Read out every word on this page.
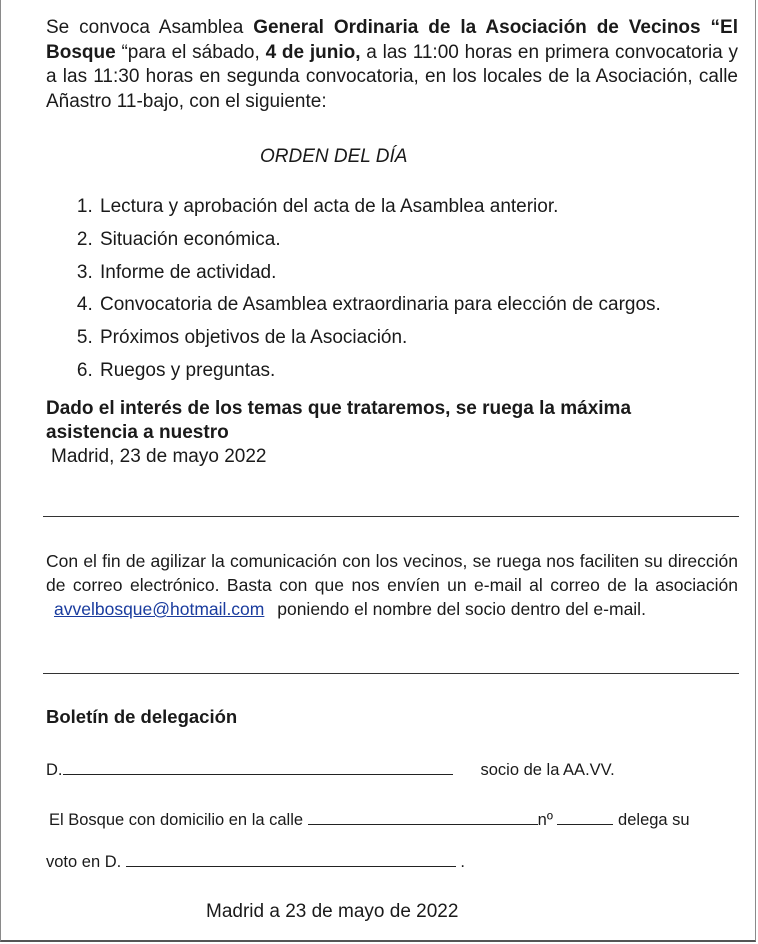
Se convoca Asamblea General Ordinaria de la Asociación de Vecinos “El Bosque “para el sábado, 4 de junio, a las 11:00 horas en primera convocatoria y a las 11:30 horas en segunda convocatoria, en los locales de la Asociación, calle Añastro 11-bajo, con el siguiente:
ORDEN DEL DÍA
1. Lectura y aprobación del acta de la Asamblea anterior.
2. Situación económica.
3. Informe de actividad.
4. Convocatoria de Asamblea extraordinaria para elección de cargos.
5. Próximos objetivos de la Asociación.
6. Ruegos y preguntas.
Dado el interés de los temas que trataremos, se ruega la máxima asistencia a nuestro
Madrid, 23 de mayo 2022
Con el fin de agilizar la comunicación con los vecinos, se ruega nos faciliten su dirección de correo electrónico. Basta con que nos envíen un e-mail al correo de la asociación avvelbosque@hotmail.com poniendo el nombre del socio dentro del e-mail.
Boletín de delegación
D.	socio de la AA.VV.
El Bosque con domicilio en la calle	nº	delega su
voto en D.	.
Madrid a 23 de mayo de 2022
